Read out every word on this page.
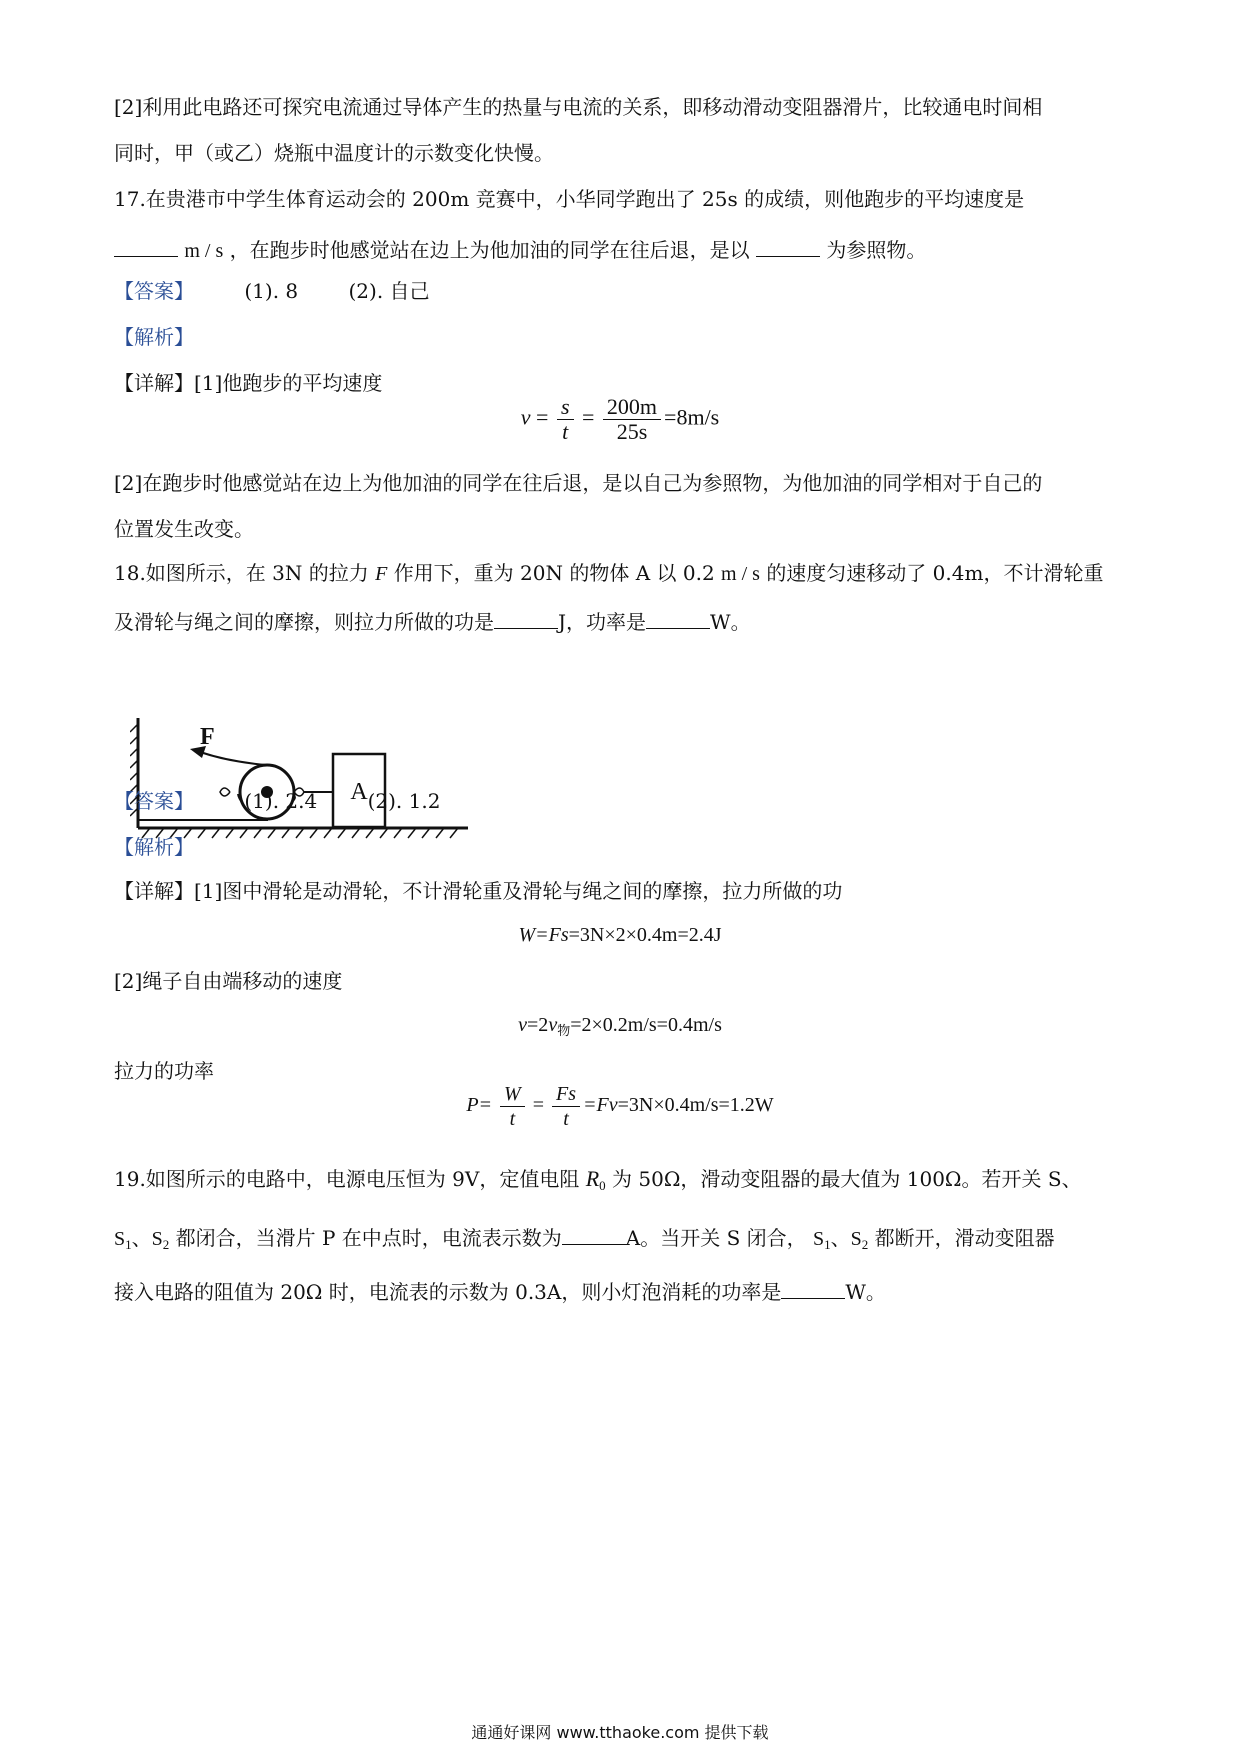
[2]利用此电路还可探究电流通过导体产生的热量与电流的关系，即移动滑动变阻器滑片，比较通电时间相
同时，甲（或乙）烧瓶中温度计的示数变化快慢。
17.在贵港市中学生体育运动会的 200m 竞赛中，小华同学跑出了 25s 的成绩，则他跑步的平均速度是
m / s ，在跑步时他感觉站在边上为他加油的同学在往后退，是以	为参照物。
【答案】	(1). 8	(2). 自己
【解析】
【详解】[1]他跑步的平均速度
$v = \frac{s}{t} = \frac{200m}{25s} =8m/s$
[2]在跑步时他感觉站在边上为他加油的同学在往后退，是以自己为参照物，为他加油的同学相对于自己的
位置发生改变。
18.如图所示，在 3N 的拉力 F 作用下，重为 20N 的物体 A 以 0.2 m / s 的速度匀速移动了 0.4m，不计滑轮重
及滑轮与绳之间的摩擦，则拉力所做的功是	J，功率是	W。
F
A
【答案】	(1). 2.4	(2). 1.2
【解析】
【详解】[1]图中滑轮是动滑轮，不计滑轮重及滑轮与绳之间的摩擦，拉力所做的功
W=Fs=3N×2×0.4m=2.4J
[2]绳子自由端移动的速度
$v=2v_物=2\times 0.2m/s=0.4m/s$
拉力的功率
$P= \frac{W}{t} = \frac{Fs}{t} =Fv=3N\times 0.4m/s=1.2W$
19.如图所示的电路中，电源电压恒为 9V，定值电阻 $R_0$ 为 50Ω，滑动变阻器的最大值为 100Ω。若开关 S、
$S_1$、$S_2$ 都闭合，当滑片 P 在中点时，电流表示数为	A。当开关 S 闭合， $S_1$、$S_2$ 都断开，滑动变阻器
接入电路的阻值为 20Ω 时，电流表的示数为 0.3A，则小灯泡消耗的功率是	W。
通通好课网 www.tthaoke.com 提供下载
